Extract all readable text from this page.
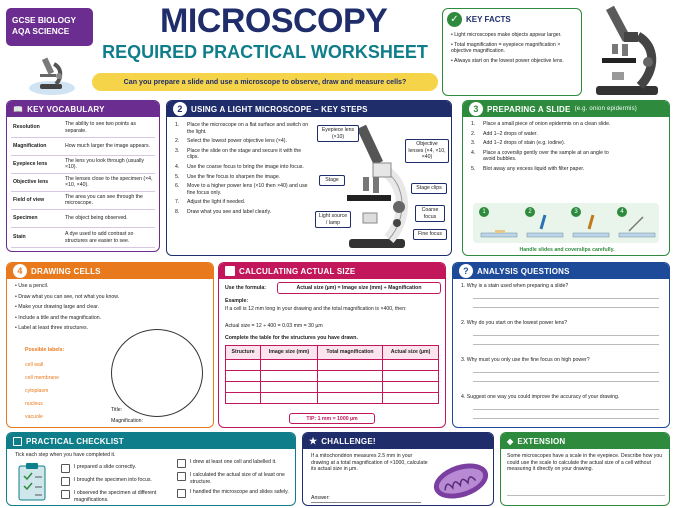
GCSE BIOLOGY
AQA SCIENCE	MICROSCOPY
REQUIRED PRACTICAL WORKSHEET
Can you prepare a slide and use a microscope to observe, draw and measure cells?
✓ KEY FACTS
• Light microscopes make objects appear larger.
• Total magnification = eyepiece magnification × objective magnification.
• Always start on the lowest power objective lens.
📖 KEY VOCABULARY
Resolution	The ability to see two points as separate.
Magnification	How much larger the image appears.
Eyepiece lens	The lens you look through (usually ×10).
Objective lens	The lenses close to the specimen (×4, ×10, ×40).
Field of view	The area you can see through the microscope.
Specimen	The object being observed.
Stain	A dye used to add contrast so structures are easier to see.
2	USING A LIGHT MICROSCOPE – KEY STEPS
1.	Place the microscope on a flat surface and switch on the light.
2.	Select the lowest power objective lens (×4).
3.	Place the slide on the stage and secure it with the clips.
4.	Use the coarse focus to bring the image into focus.
5.	Use the fine focus to sharpen the image.
6.	Move to a higher power lens (×10 then ×40) and use fine focus only.
7.	Adjust the light if needed.
8.	Draw what you see and label clearly.
Eyepiece lens (×10)
Objective lenses (×4, ×10, ×40)
Stage
Stage clips
Light source / lamp
Coarse focus
Fine focus
3	PREPARING A SLIDE (e.g. onion epidermis)
1.	Place a small piece of onion epidermis on a clean slide.
2.	Add 1–2 drops of water.
3.	Add 1–2 drops of stain (e.g. iodine).
4.	Place a coverslip gently over the sample at an angle to avoid bubbles.
5.	Blot away any excess liquid with filter paper.
1	2	3	4
Handle slides and coverslips carefully.
4	DRAWING CELLS
• Use a pencil.
• Draw what you can see, not what you know.
• Make your drawing large and clear.
• Include a title and the magnification.
• Label at least three structures.
Possible labels:
cell wall
cell membrane
cytoplasm
nucleus
vacuole
Title:
Magnification:
CALCULATING ACTUAL SIZE
Use the formula:	Actual size (µm) = Image size (mm) ÷ Magnification
Example:
If a cell is 12 mm long in your drawing and the total magnification is ×400, then:
Actual size = 12 ÷ 400 = 0.03 mm = 30 µm
Complete the table for the structures you have drawn.
Structure	Image size (mm)	Total magnification	Actual size (µm)

TIP: 1 mm = 1000 µm
?	ANALYSIS QUESTIONS
1. Why is a stain used when preparing a slide?
2. Why do you start on the lowest power lens?
3. Why must you only use the fine focus on high power?
4. Suggest one way you could improve the accuracy of your drawing.
PRACTICAL CHECKLIST
Tick each step when you have completed it.
I prepared a slide correctly.
I brought the specimen into focus.
I observed the specimen at different magnifications.
I drew at least one cell and labelled it.
I calculated the actual size of at least one structure.
I handled the microscope and slides safely.
★ CHALLENGE!
If a mitochondrion measures 2.5 mm in your drawing at a total magnification of ×1000, calculate its actual size in µm.
Answer:
◆ EXTENSION
Some microscopes have a scale in the eyepiece. Describe how you could use the scale to calculate the actual size of a cell without measuring it directly on your drawing.
